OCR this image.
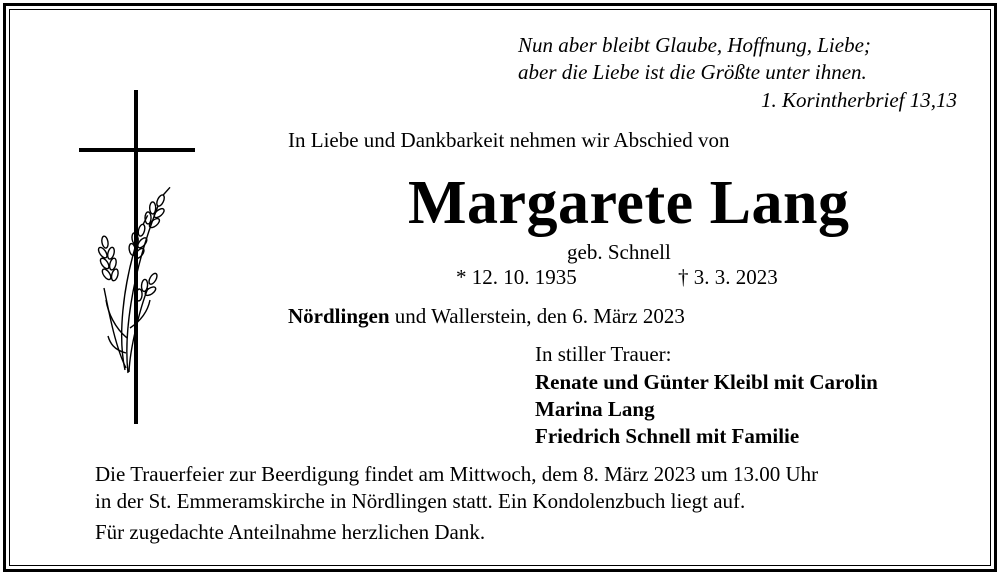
Nun aber bleibt Glaube, Hoffnung, Liebe;
aber die Liebe ist die Größte unter ihnen.
1. Korintherbrief 13,13
In Liebe und Dankbarkeit nehmen wir Abschied von
Margarete Lang
geb. Schnell
* 12. 10. 1935	† 3. 3. 2023
Nördlingen und Wallerstein, den 6. März 2023
In stiller Trauer:
Renate und Günter Kleibl mit Carolin
Marina Lang
Friedrich Schnell mit Familie
Die Trauerfeier zur Beerdigung findet am Mittwoch, dem 8. März 2023 um 13.00 Uhr
in der St. Emmeramskirche in Nördlingen statt. Ein Kondolenzbuch liegt auf.
Für zugedachte Anteilnahme herzlichen Dank.
